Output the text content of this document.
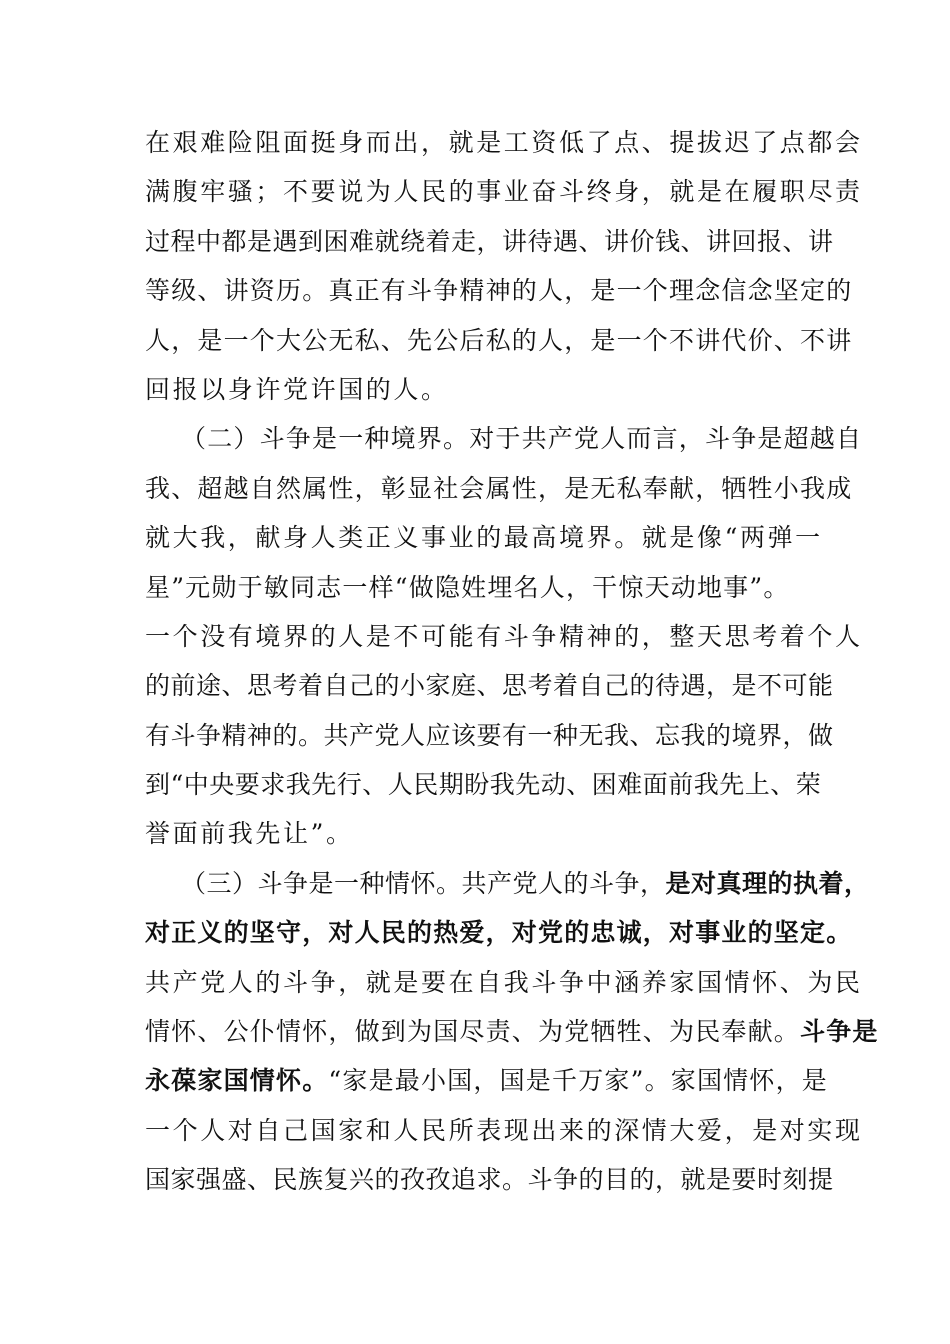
在艰难险阻面挺身而出，就是工资低了点、提拔迟了点都会
满腹牢骚；不要说为人民的事业奋斗终身，就是在履职尽责
过程中都是遇到困难就绕着走，讲待遇、讲价钱、讲回报、讲
等级、讲资历。真正有斗争精神的人，是一个理念信念坚定的
人，是一个大公无私、先公后私的人，是一个不讲代价、不讲
回报以身许党许国的人。
（二）斗争是一种境界。对于共产党人而言，斗争是超越自
我、超越自然属性，彰显社会属性，是无私奉献，牺牲小我成
就大我，献身人类正义事业的最高境界。就是像“两弹一
星”元勋于敏同志一样“做隐姓埋名人，干惊天动地事”。
一个没有境界的人是不可能有斗争精神的，整天思考着个人
的前途、思考着自己的小家庭、思考着自己的待遇，是不可能
有斗争精神的。共产党人应该要有一种无我、忘我的境界，做
到“中央要求我先行、人民期盼我先动、困难面前我先上、荣
誉面前我先让”。
（三）斗争是一种情怀。共产党人的斗争，是对真理的执着，
对正义的坚守，对人民的热爱，对党的忠诚，对事业的坚定。
共产党人的斗争，就是要在自我斗争中涵养家国情怀、为民
情怀、公仆情怀，做到为国尽责、为党牺牲、为民奉献。斗争是
永葆家国情怀。“家是最小国，国是千万家”。家国情怀，是
一个人对自己国家和人民所表现出来的深情大爱，是对实现
国家强盛、民族复兴的孜孜追求。斗争的目的，就是要时刻提
